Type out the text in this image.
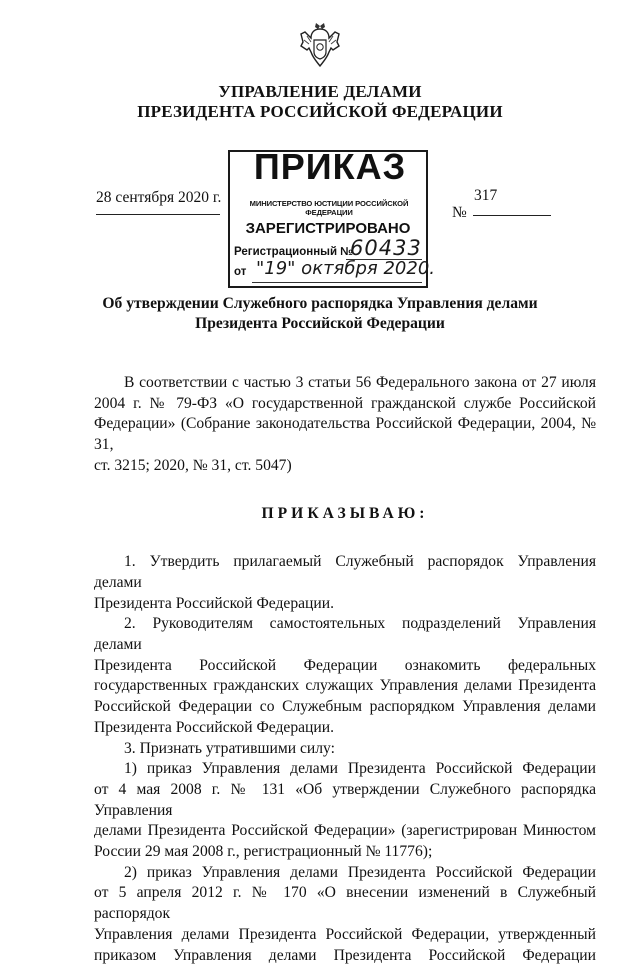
УПРАВЛЕНИЕ ДЕЛАМИ
ПРЕЗИДЕНТА РОССИЙСКОЙ ФЕДЕРАЦИИ
28 сентября 2020 г.
ПРИКАЗ
МИНИСТЕРСТВО ЮСТИЦИИ РОССИЙСКОЙ ФЕДЕРАЦИИ
ЗАРЕГИСТРИРОВАНО
Регистрационный №
60433
от "19" октября 2020.
317
№
Об утверждении Служебного распорядка Управления делами
Президента Российской Федерации
В соответствии с частью 3 статьи 56 Федерального закона от 27 июля
2004 г. № 79-ФЗ «О государственной гражданской службе Российской
Федерации» (Собрание законодательства Российской Федерации, 2004, № 31,
ст. 3215; 2020, № 31, ст. 5047)

ПРИКАЗЫВАЮ:

1. Утвердить прилагаемый Служебный распорядок Управления делами
Президента Российской Федерации.
2. Руководителям самостоятельных подразделений Управления делами
Президента Российской Федерации ознакомить федеральных
государственных гражданских служащих Управления делами Президента
Российской Федерации со Служебным распорядком Управления делами
Президента Российской Федерации.
3. Признать утратившими силу:
1) приказ Управления делами Президента Российской Федерации
от 4 мая 2008 г. № 131 «Об утверждении Служебного распорядка Управления
делами Президента Российской Федерации» (зарегистрирован Минюстом
России 29 мая 2008 г., регистрационный № 11776);
2) приказ Управления делами Президента Российской Федерации
от 5 апреля 2012 г. № 170 «О внесении изменений в Служебный распорядок
Управления делами Президента Российской Федерации, утвержденный
приказом Управления делами Президента Российской Федерации
